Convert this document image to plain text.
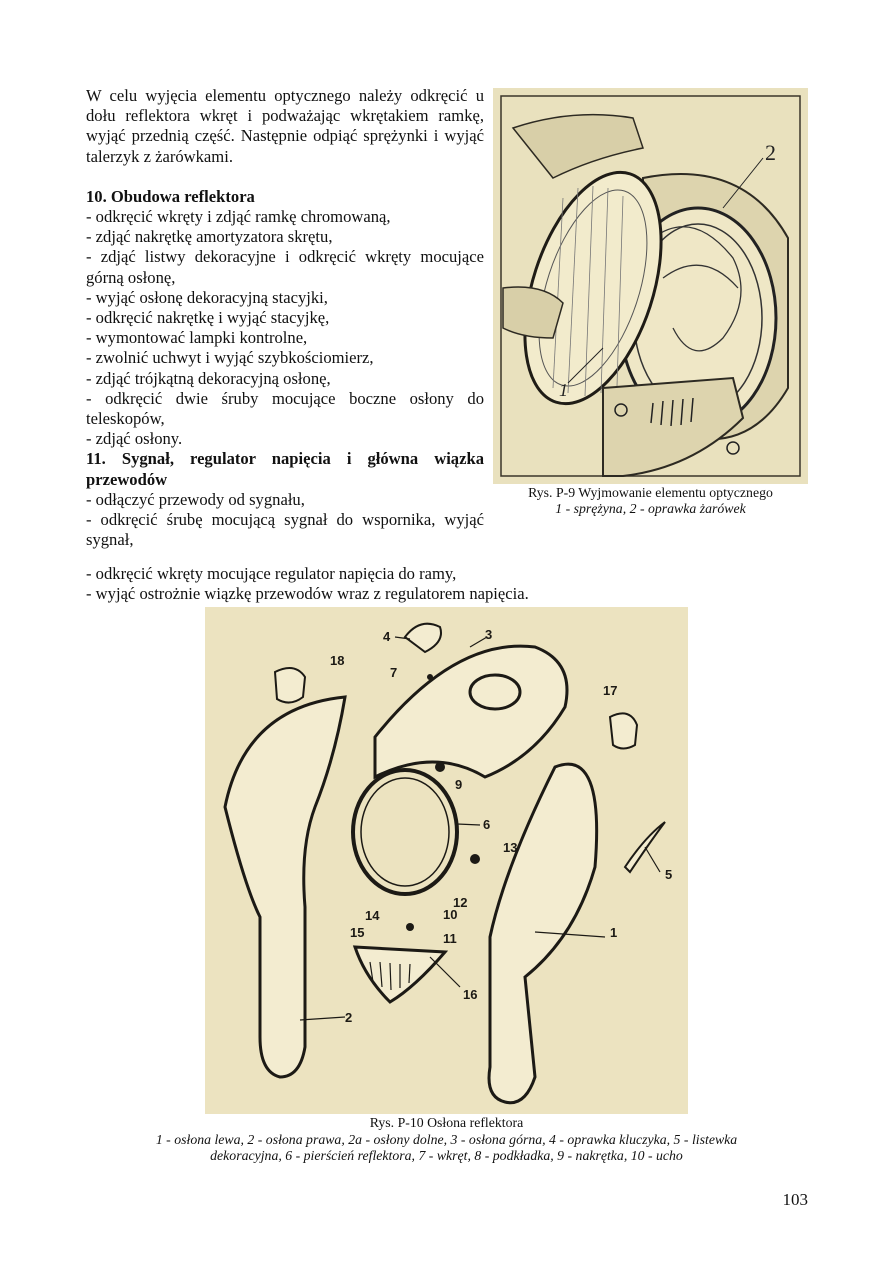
W celu wyjęcia elementu optycznego należy odkręcić u dołu reflektora wkręt i podważając wkrętakiem ramkę, wyjąć przednią część. Następnie odpiąć sprężynki i wyjąć talerzyk z żarówkami.

10. Obudowa reflektora

- odkręcić wkręty i zdjąć ramkę chromowaną,
- zdjąć nakrętkę amortyzatora skrętu,
- zdjąć listwy dekoracyjne i odkręcić wkręty mocujące górną osłonę,
- wyjąć osłonę dekoracyjną stacyjki,
- odkręcić nakrętkę i wyjąć stacyjkę,
- wymontować lampki kontrolne,
- zwolnić uchwyt i wyjąć szybkościomierz,
- zdjąć trójkątną dekoracyjną osłonę,
- odkręcić dwie śruby mocujące boczne osłony do teleskopów,
- zdjąć osłony.

11. Sygnał, regulator napięcia i główna wiązka przewodów

- odłączyć przewody od sygnału,
- odkręcić śrubę mocującą sygnał do wspornika, wyjąć sygnał,
- odkręcić wkręty mocujące regulator napięcia do ramy,
- wyjąć ostrożnie wiązkę przewodów wraz z regulatorem napięcia.
2
1
Rys. P-9 Wyjmowanie elementu optycznego
1 - sprężyna, 2 - oprawka żarówek
1
2
3
4
5
6
7
9
10
11
12
13
14
15
16
17
18
Rys. P-10 Osłona reflektora
1 - osłona lewa, 2 - osłona prawa, 2a - osłony dolne, 3 - osłona górna, 4 - oprawka kluczyka, 5 - listewka dekoracyjna, 6 - pierścień reflektora, 7 - wkręt, 8 - podkładka, 9 - nakrętka, 10 - ucho
103
